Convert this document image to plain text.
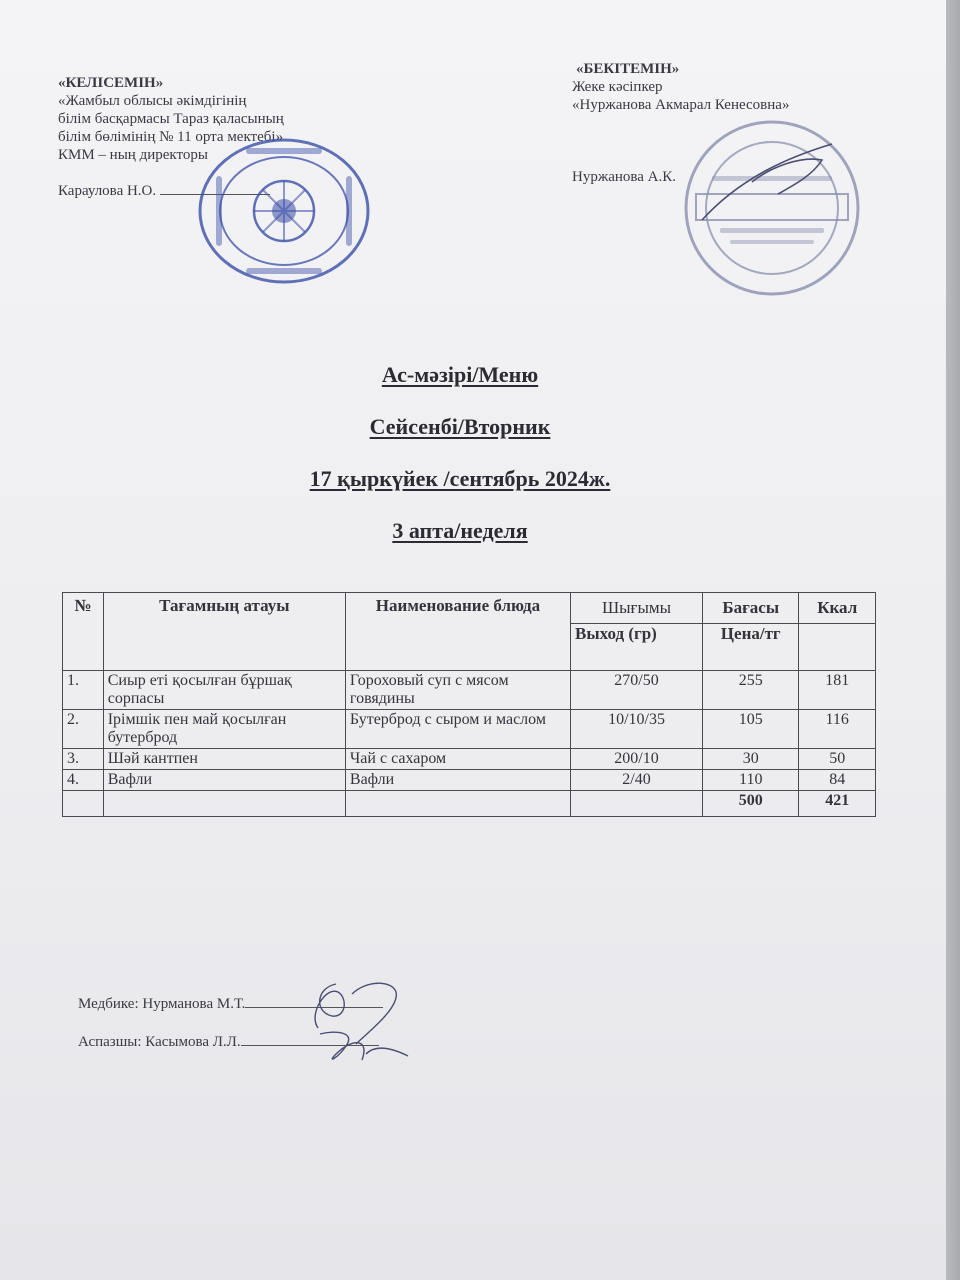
«КЕЛІСЕМІН»
«Жамбыл облысы әкімдігінің
білім басқармасы Тараз қаласының
білім бөлімінің № 11 орта мектебі»
КММ – ның директоры
Караулова Н.О.
«БЕКІТЕМІН»
Жеке кәсіпкер
«Нуржанова Акмарал Кенесовна»
Нуржанова А.К.
Ас-мәзірі/Меню
Сейсенбі/Вторник
17 қыркүйек /сентябрь 2024ж.
3 апта/неделя
№	Тағамның атауы	Наименование блюда	Шығымы	Бағасы	Ккал
			Выход (гр)	Цена/тг	
1.	Сиыр еті қосылған бұршақ сорпасы	Гороховый суп с мясом говядины	270/50	255	181
2.	Ірімшік пен май қосылған бутерброд	Бутерброд с сыром и маслом	10/10/35	105	116
3.	Шәй кантпен	Чай с сахаром	200/10	30	50
4.	Вафли	Вафли	2/40	110	84
				500	421
Медбике: Нурманова М.Т.
Аспазшы: Касымова Л.Л.
